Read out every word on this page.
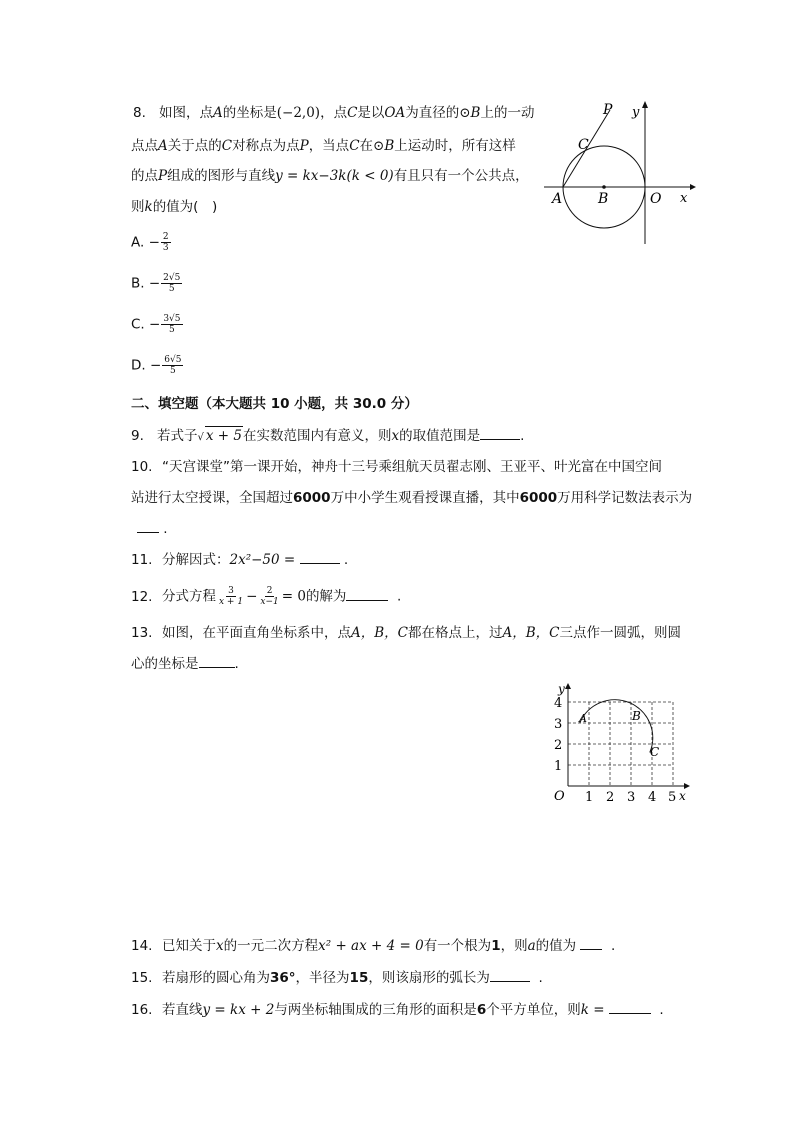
8. 如图，点A的坐标是(−2,0)，点C是以OA为直径的⊙B上的一动
点点A关于点的C对称点为点P，当点C在⊙B上运动时，所有这样
的点P组成的图形与直线y = kx−3k(k < 0)有且只有一个公共点，
则k的值为(　)
A. − $\frac{2}{3}$
B. − $\frac{2√5}{5}$
C. − $\frac{3√5}{5}$
D. − $\frac{6√5}{5}$
P y
C
A	B	O x
二、填空题（本大题共 10 小题，共 30.0 分）
9. 若式子√ x + 5在实数范围内有意义，则x的取值范围是	.
10. “天宫课堂”第一课开始，神舟十三号乘组航天员翟志刚、王亚平、叶光富在中国空间
站进行太空授课，全国超过6000万中小学生观看授课直播，其中6000万用科学记数法表示为
.
11. 分解因式：2x²−50 =	.
12. 分式方程 $\frac{3}{x + 1} - \frac{2}{x-1} = 0$的解为	.
13. 如图，在平面直角坐标系中，点A，B，C都在格点上，过A，B，C三点作一圆弧，则圆
心的坐标是	.
y
A	B
C
O	x
4
3
2
1
1 2 3 4 5
14. 已知关于x的一元二次方程x² + ax + 4 = 0有一个根为1，则a的值为	.
15. 若扇形的圆心角为36°，半径为15，则该扇形的弧长为	.
16. 若直线y = kx + 2与两坐标轴围成的三角形的面积是6个平方单位，则k =	.
